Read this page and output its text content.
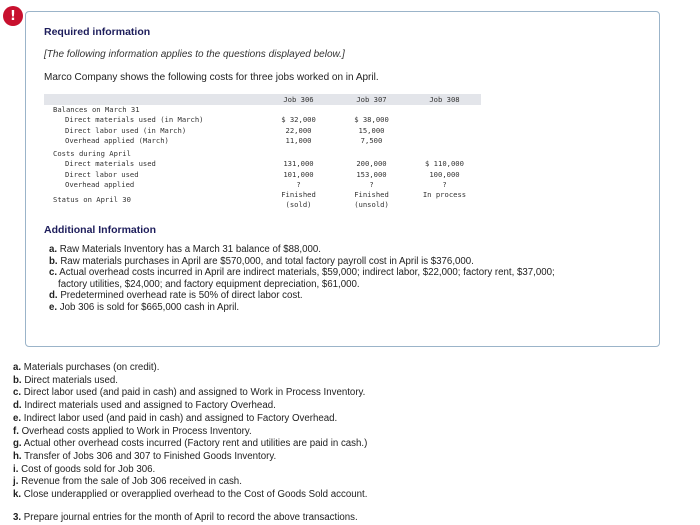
!
Required information
[The following information applies to the questions displayed below.]
Marco Company shows the following costs for three jobs worked on in April.
	Job 306	Job 307	Job 308
Balances on March 31			
Direct materials used (in March)	$ 32,000	$ 38,000	
Direct labor used (in March)	22,000	15,000	
Overhead applied (March)	11,000	7,500	

Costs during April			
Direct materials used	131,000	200,000	$ 110,000
Direct labor used	101,000	153,000	100,000
Overhead applied	?	?	?
Status on April 30	Finished	Finished	In process
	(sold)	(unsold)	
Additional Information
a. Raw Materials Inventory has a March 31 balance of $88,000.
b. Raw materials purchases in April are $570,000, and total factory payroll cost in April is $376,000.
c. Actual overhead costs incurred in April are indirect materials, $59,000; indirect labor, $22,000; factory rent, $37,000;
factory utilities, $24,000; and factory equipment depreciation, $61,000.
d. Predetermined overhead rate is 50% of direct labor cost.
e. Job 306 is sold for $665,000 cash in April.
a. Materials purchases (on credit).
b. Direct materials used.
c. Direct labor used (and paid in cash) and assigned to Work in Process Inventory.
d. Indirect materials used and assigned to Factory Overhead.
e. Indirect labor used (and paid in cash) and assigned to Factory Overhead.
f. Overhead costs applied to Work in Process Inventory.
g. Actual other overhead costs incurred (Factory rent and utilities are paid in cash.)
h. Transfer of Jobs 306 and 307 to Finished Goods Inventory.
i. Cost of goods sold for Job 306.
j. Revenue from the sale of Job 306 received in cash.
k. Close underapplied or overapplied overhead to the Cost of Goods Sold account.
3. Prepare journal entries for the month of April to record the above transactions.
